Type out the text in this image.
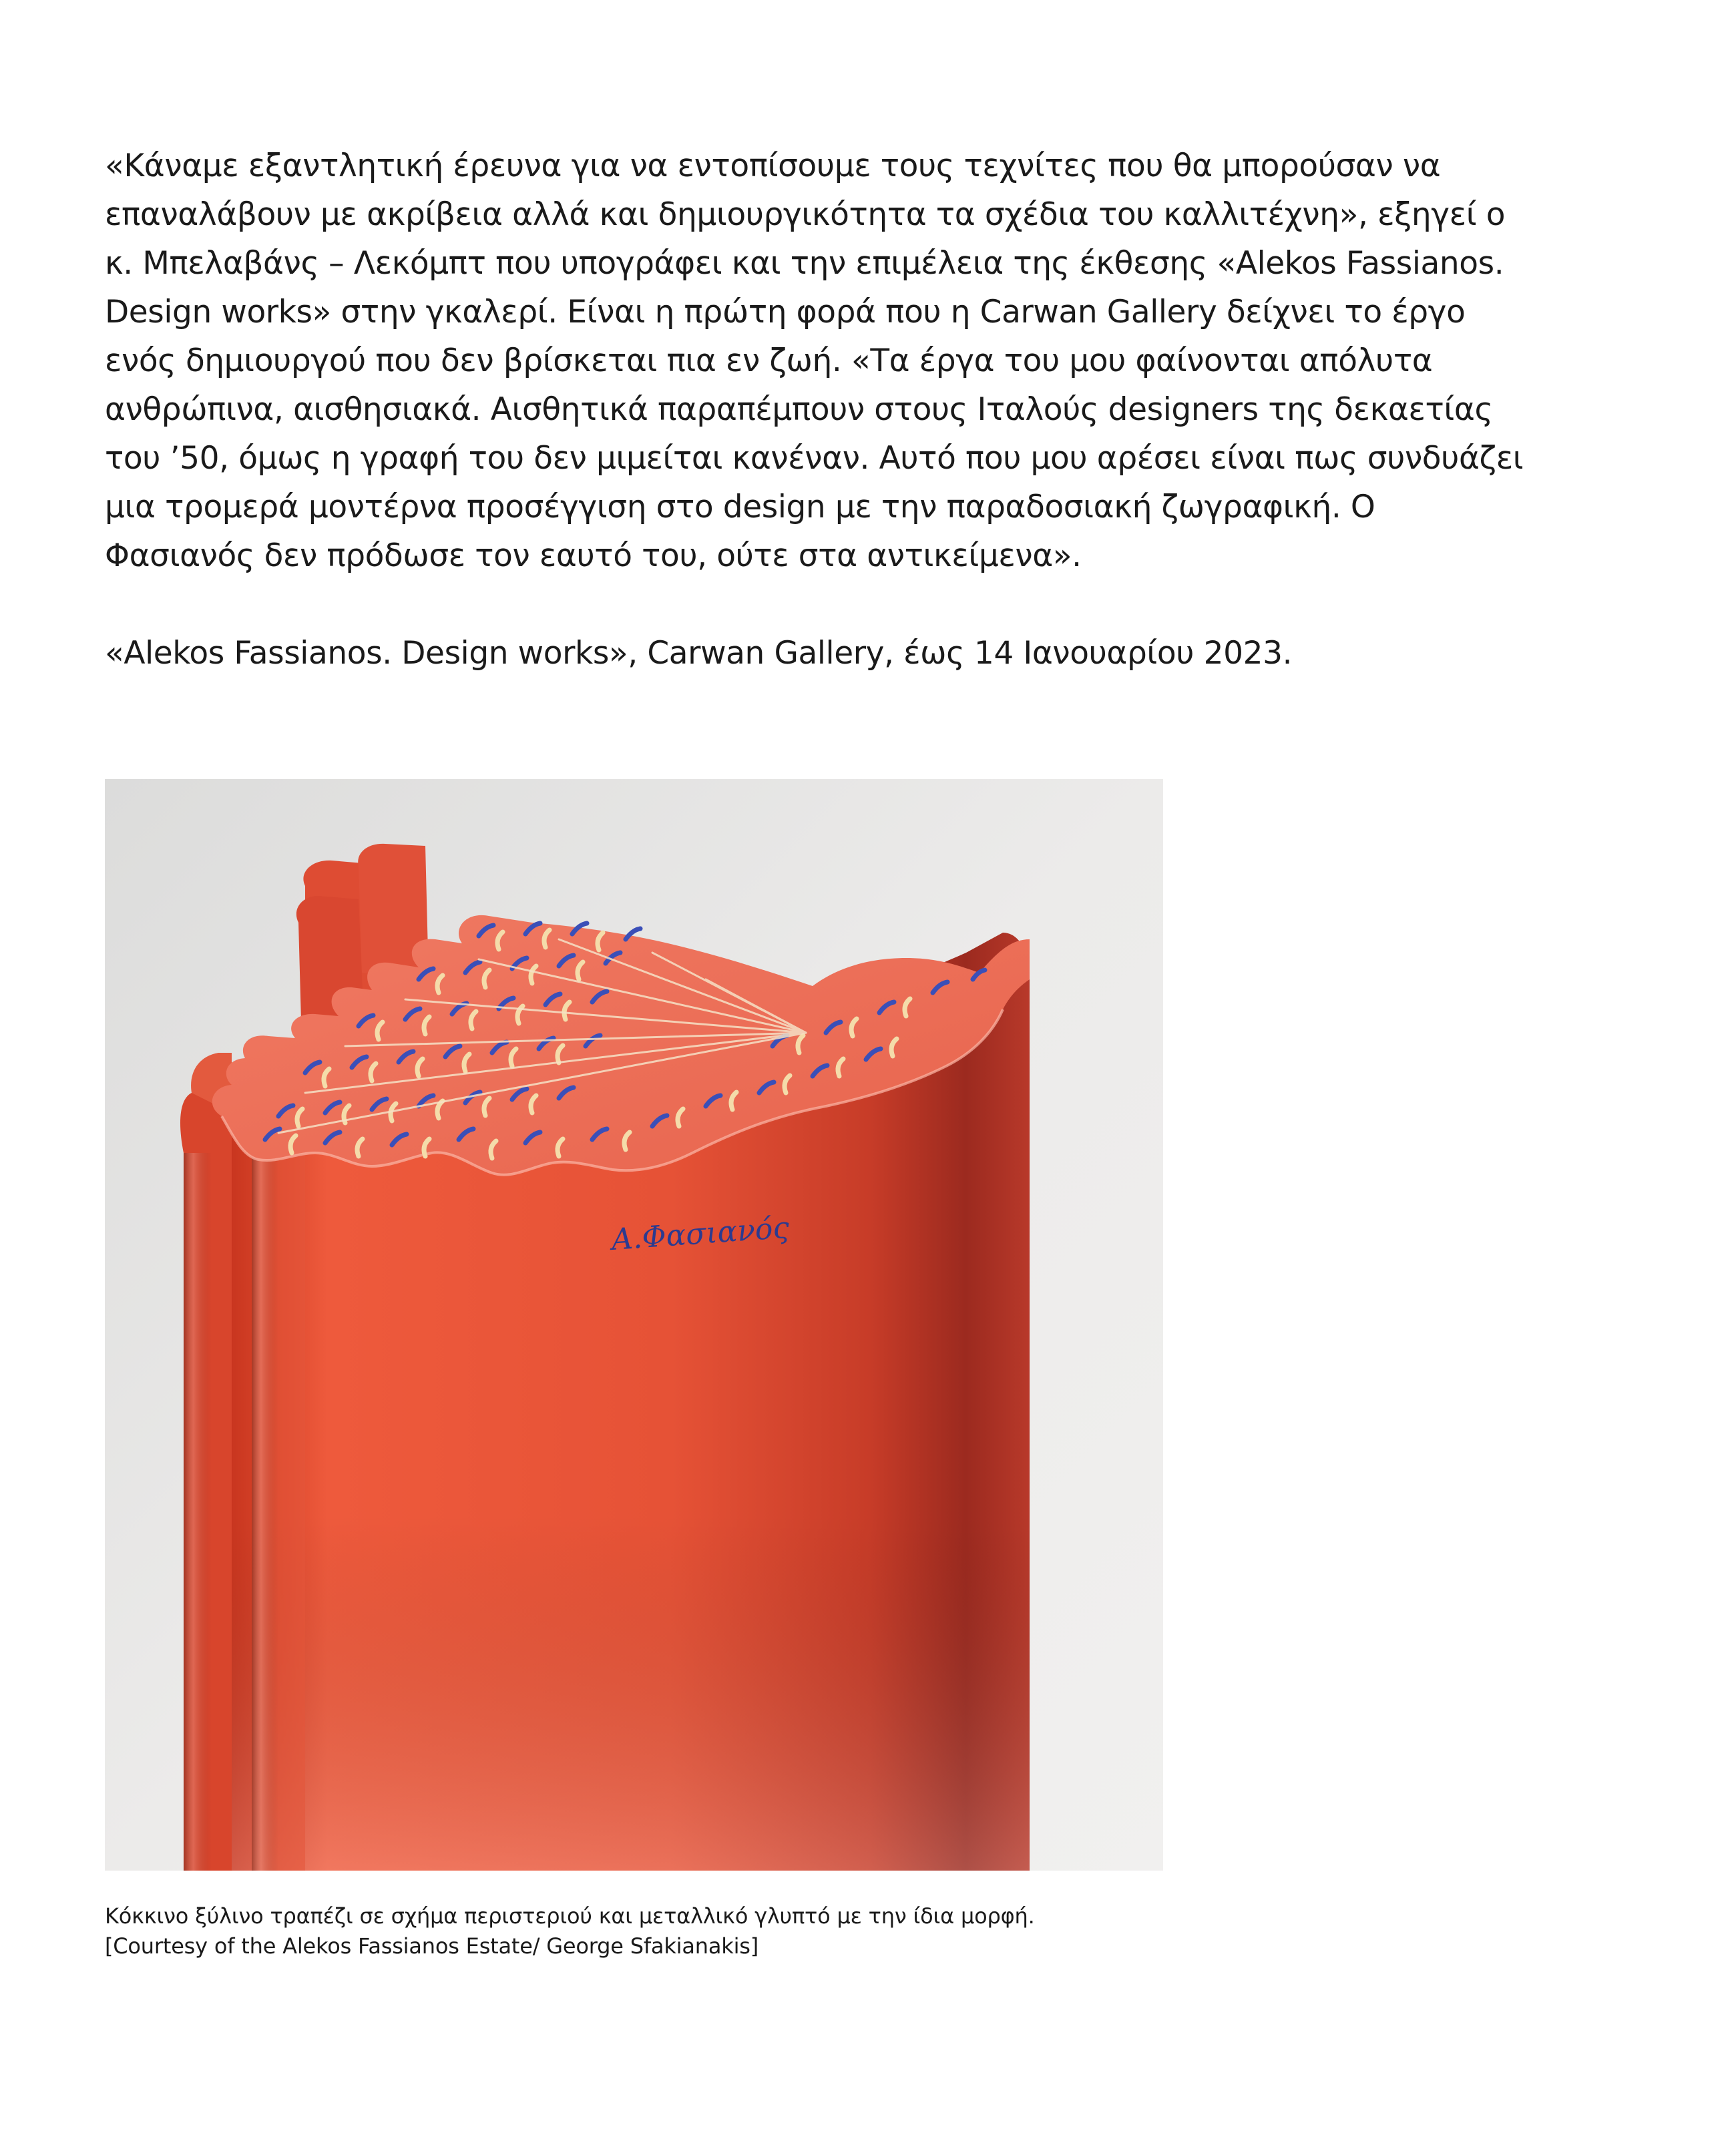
«Κάναμε εξαντλητική έρευνα για να εντοπίσουμε τους τεχνίτες που θα μπορούσαν να
επαναλάβουν με ακρίβεια αλλά και δημιουργικότητα τα σχέδια του καλλιτέχνη», εξηγεί ο
κ. Μπελαβάνς – Λεκόμπτ που υπογράφει και την επιμέλεια της έκθεσης «Alekos Fassianos.
Design works» στην γκαλερί. Είναι η πρώτη φορά που η Carwan Gallery δείχνει το έργο
ενός δημιουργού που δεν βρίσκεται πια εν ζωή. «Τα έργα του μου φαίνονται απόλυτα
ανθρώπινα, αισθησιακά. Αισθητικά παραπέμπουν στους Ιταλούς designers της δεκαετίας
του ’50, όμως η γραφή του δεν μιμείται κανέναν. Αυτό που μου αρέσει είναι πως συνδυάζει
μια τρομερά μοντέρνα προσέγγιση στο design με την παραδοσιακή ζωγραφική. Ο
Φασιανός δεν πρόδωσε τον εαυτό του, ούτε στα αντικείμενα».

«Alekos Fassianos. Design works», Carwan Gallery, έως 14 Ιανουαρίου 2023.

Α.Φασιανός
Κόκκινο ξύλινο τραπέζι σε σχήμα περιστεριού και μεταλλικό γλυπτό με την ίδια μορφή.
[Courtesy of the Alekos Fassianos Estate/ George Sfakianakis]
